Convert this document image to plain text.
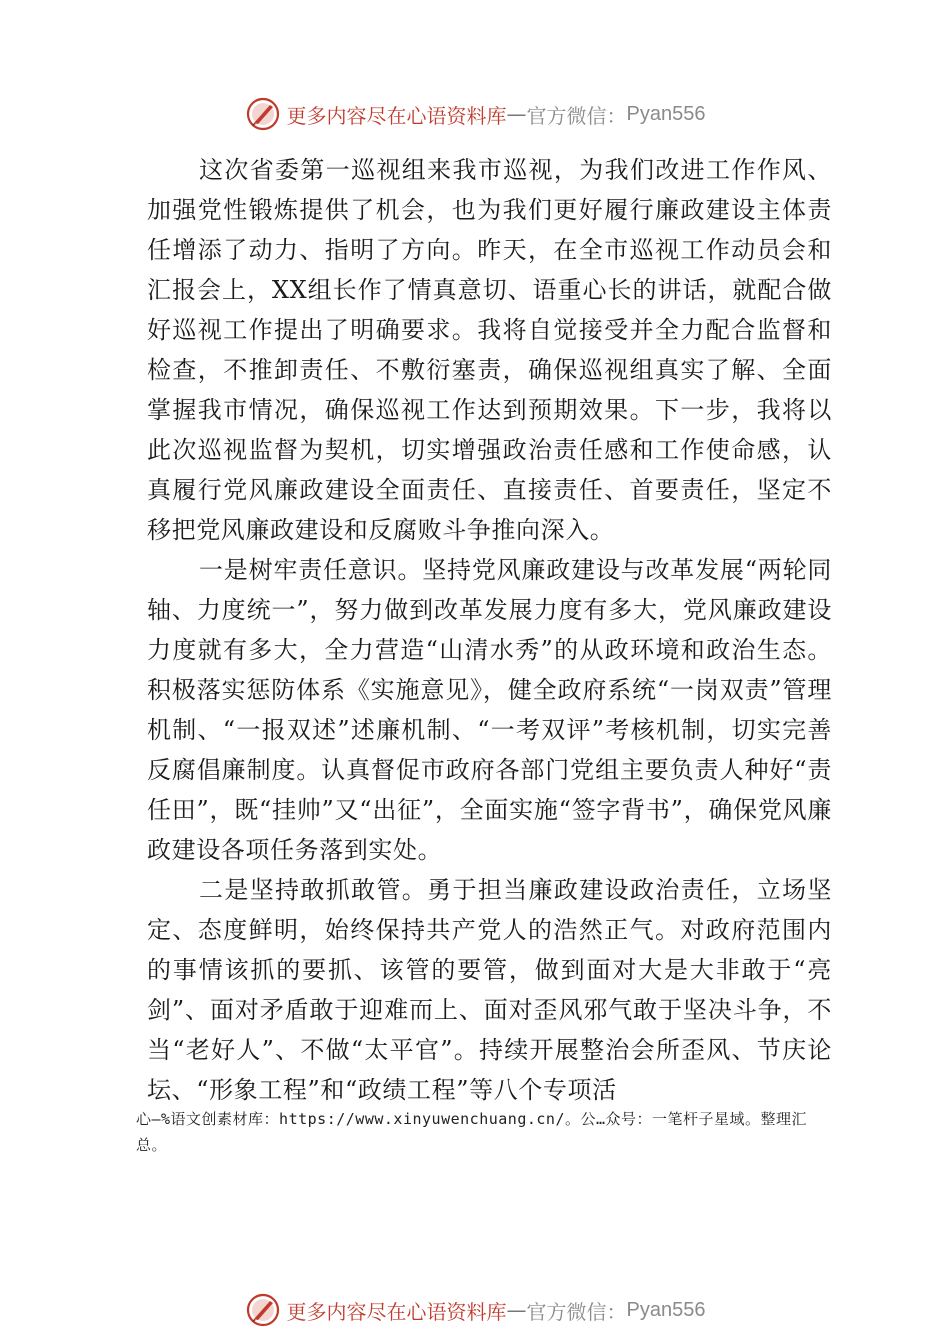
更多内容尽在心语资料库 — 官方微信： Pyan556

这次省委第一巡视组来我市巡视，为我们改进工作作风、加强党性锻炼提供了机会，也为我们更好履行廉政建设主体责任增添了动力、指明了方向。昨天，在全市巡视工作动员会和汇报会上，XX组长作了情真意切、语重心长的讲话，就配合做好巡视工作提出了明确要求。我将自觉接受并全力配合监督和检查，不推卸责任、不敷衍塞责，确保巡视组真实了解、全面掌握我市情况，确保巡视工作达到预期效果。下一步，我将以此次巡视监督为契机，切实增强政治责任感和工作使命感，认真履行党风廉政建设全面责任、直接责任、首要责任，坚定不移把党风廉政建设和反腐败斗争推向深入。

一是树牢责任意识。坚持党风廉政建设与改革发展“两轮同轴、力度统一”，努力做到改革发展力度有多大，党风廉政建设力度就有多大，全力营造“山清水秀”的从政环境和政治生态。积极落实惩防体系《实施意见》，健全政府系统“一岗双责”管理机制、“一报双述”述廉机制、“一考双评”考核机制，切实完善反腐倡廉制度。认真督促市政府各部门党组主要负责人种好“责任田”，既“挂帅”又“出征”，全面实施“签字背书”，确保党风廉政建设各项任务落到实处。

二是坚持敢抓敢管。勇于担当廉政建设政治责任，立场坚定、态度鲜明，始终保持共产党人的浩然正气。对政府范围内的事情该抓的要抓、该管的要管，做到面对大是大非敢于“亮剑”、面对矛盾敢于迎难而上、面对歪风邪气敢于坚决斗争，不当“老好人”、不做“太平官”。持续开展整治会所歪风、节庆论坛、“形象工程”和“政绩工程”等八个专项活

心—%语文创素材库：https://www.xinyuwenchuang.cn/。公…众号：一笔杆子星域。整理汇总。
更多内容尽在心语资料库 — 官方微信： Pyan556
